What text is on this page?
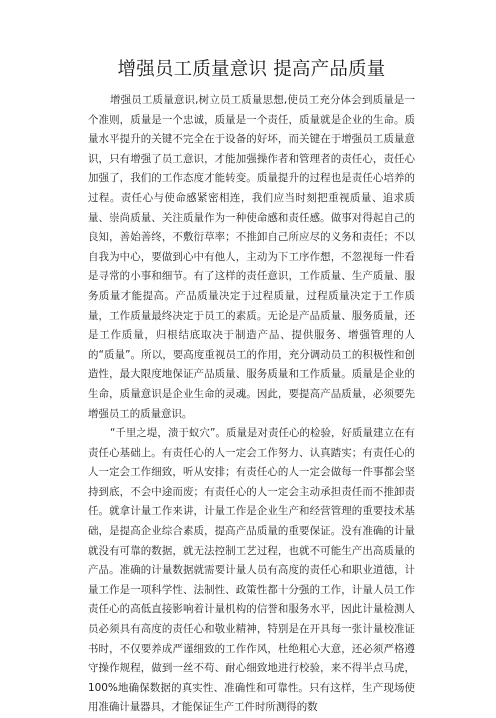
增强员工质量意识 提高产品质量

增强员工质量意识,树立员工质量思想,使员工充分体会到质量是一个准则，质量是一个忠诚，质量是一个责任，质量就是企业的生命。质量水平提升的关键不完全在于设备的好坏，而关键在于增强员工质量意识，只有增强了员工意识，才能加强操作者和管理者的责任心，责任心加强了，我们的工作态度才能转变。质量提升的过程也是责任心培养的过程。责任心与使命感紧密相连，我们应当时刻把重视质量、追求质量、崇尚质量、关注质量作为一种使命感和责任感。做事对得起自己的良知，善始善终，不敷衍草率；不推卸自己所应尽的义务和责任；不以自我为中心，要做到心中有他人，主动为下工序作想，不忽视每一件看是寻常的小事和细节。有了这样的责任意识，工作质量、生产质量、服务质量才能提高。产品质量决定于过程质量，过程质量决定于工作质量，工作质量最终决定于员工的素质。无论是产品质量、服务质量，还是工作质量，归根结底取决于制造产品、提供服务、增强管理的人的“质量”。所以，要高度重视员工的作用，充分调动员工的积极性和创造性，最大限度地保证产品质量、服务质量和工作质量。质量是企业的生命，质量意识是企业生命的灵魂。因此，要提高产品质量，必须要先增强员工的质量意识。

“千里之堤，溃于蚁穴”。质量是对责任心的检验，好质量建立在有责任心基础上。有责任心的人一定会工作努力、认真踏实；有责任心的人一定会工作细致，听从安排；有责任心的人一定会做每一件事都会坚持到底，不会中途而废；有责任心的人一定会主动承担责任而不推卸责任。就拿计量工作来讲，计量工作是企业生产和经营管理的重要技术基础，是提高企业综合素质，提高产品质量的重要保证。没有准确的计量就没有可靠的数据，就无法控制工艺过程，也就不可能生产出高质量的产品。准确的计量数据就需要计量人员有高度的责任心和职业道德，计量工作是一项科学性、法制性、政策性都十分强的工作，计量人员工作责任心的高低直接影响着计量机构的信誉和服务水平，因此计量检测人员必须具有高度的责任心和敬业精神，特别是在开具每一张计量校准证书时，不仅要养成严谨细致的工作作风，杜绝粗心大意，还必须严格遵守操作规程，做到一丝不苟、耐心细致地进行校验，来不得半点马虎，100%地确保数据的真实性、准确性和可靠性。只有这样，生产现场使用准确计量器具，才能保证生产工件时所测得的数
